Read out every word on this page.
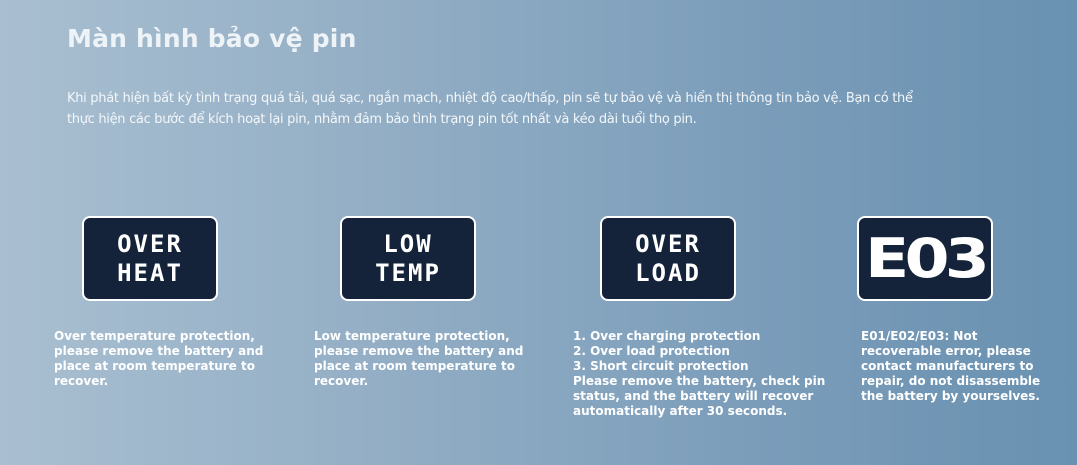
Màn hình bảo vệ pin
Khi phát hiện bất kỳ tình trạng quá tải, quá sạc, ngắn mạch, nhiệt độ cao/thấp, pin sẽ tự bảo vệ và hiển thị thông tin bảo vệ. Bạn có thể
thực hiện các bước để kích hoạt lại pin, nhằm đảm bảo tình trạng pin tốt nhất và kéo dài tuổi thọ pin.
OVER
HEAT
Over temperature protection,
please remove the battery and
place at room temperature to
recover.
LOW
TEMP
Low temperature protection,
please remove the battery and
place at room temperature to
recover.
OVER
LOAD
1. Over charging protection
2. Over load protection
3. Short circuit protection
Please remove the battery, check pin
status, and the battery will recover
automatically after 30 seconds.
E03
E01/E02/E03: Not
recoverable error, please
contact manufacturers to
repair, do not disassemble
the battery by yourselves.
